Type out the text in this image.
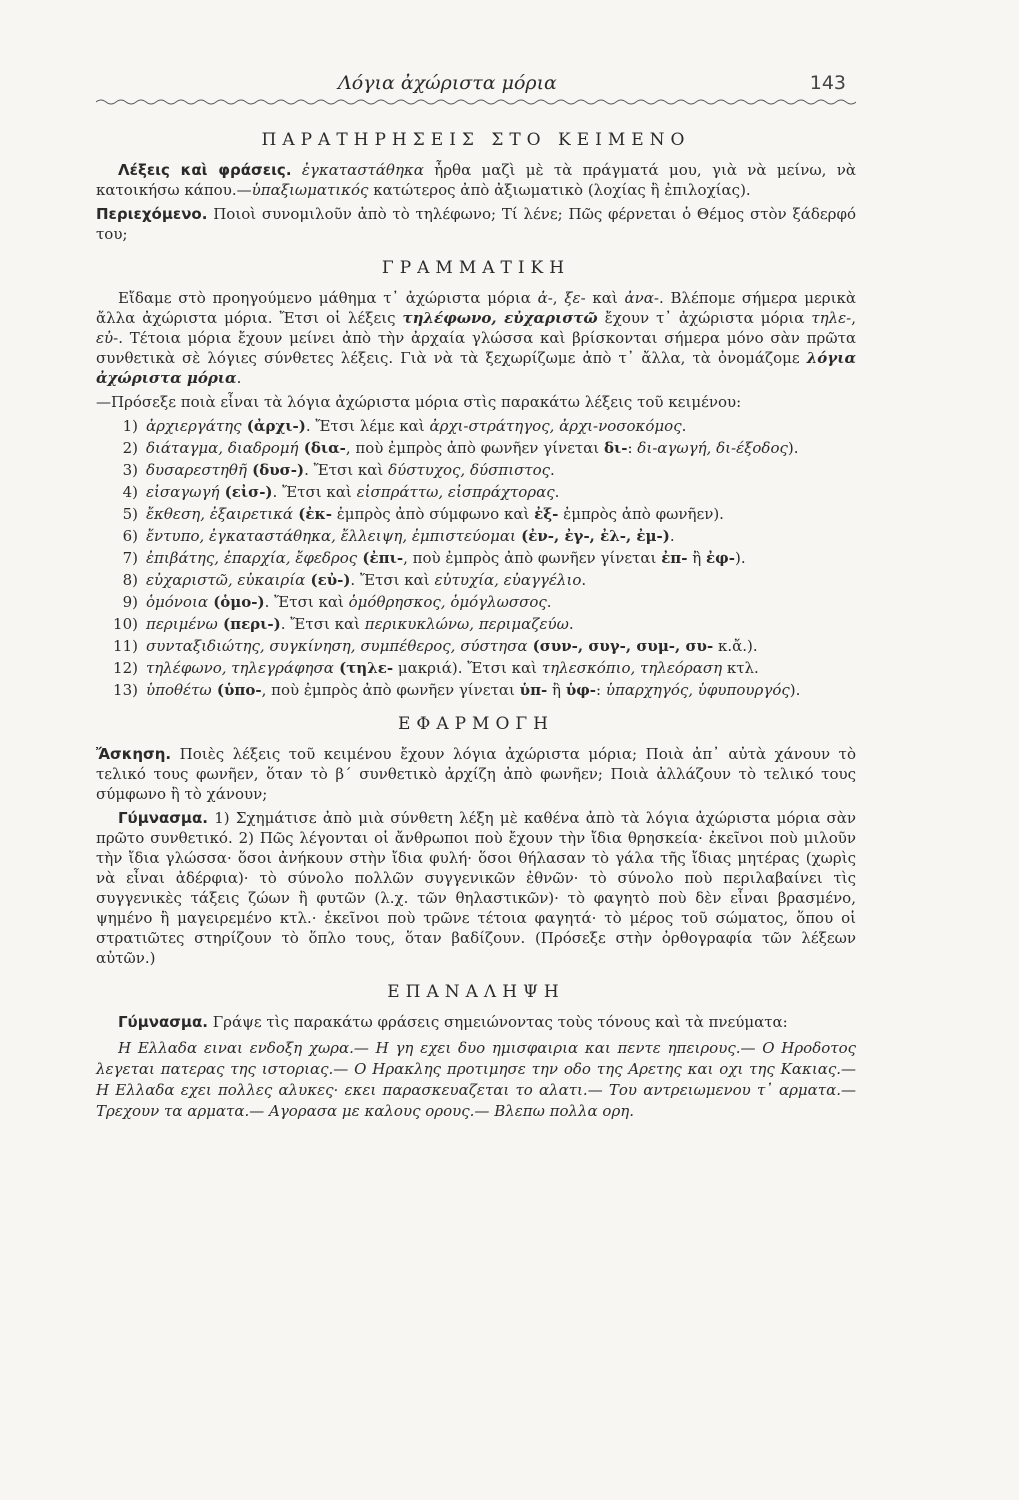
Λόγια ἀχώριστα μόρια	143
ΠΑΡΑΤΗΡΗΣΕΙΣ ΣΤΟ ΚΕΙΜΕΝΟ

Λέξεις καὶ φράσεις. ἐγκαταστάθηκα ἦρθα μαζὶ μὲ τὰ πράγματά μου, γιὰ νὰ μείνω, νὰ κατοικήσω κάπου.—ὑπαξιωματικός κατώτερος ἀπὸ ἀξιωματικὸ (λοχίας ἢ ἐπιλοχίας).

Περιεχόμενο. Ποιοὶ συνομιλοῦν ἀπὸ τὸ τηλέφωνο; Τί λένε; Πῶς φέρνεται ὁ Θέμος στὸν ξάδερφό του;

ΓΡΑΜΜΑΤΙΚΗ

Εἴδαμε στὸ προηγούμενο μάθημα τ᾿ ἀχώριστα μόρια ἀ-, ξε- καὶ ἀνα-. Βλέπομε σήμερα μερικὰ ἄλλα ἀχώριστα μόρια. Ἔτσι οἱ λέξεις τηλέφωνο, εὐχαριστῶ ἔχουν τ᾿ ἀχώριστα μόρια τηλε-, εὐ-. Τέτοια μόρια ἔχουν μείνει ἀπὸ τὴν ἀρχαία γλώσσα καὶ βρίσκονται σήμερα μόνο σὰν πρῶτα συνθετικὰ σὲ λόγιες σύνθετες λέξεις. Γιὰ νὰ τὰ ξεχωρίζωμε ἀπὸ τ᾿ ἄλλα, τὰ ὀνομάζομε λόγια ἀχώριστα μόρια.

—Πρόσεξε ποιὰ εἶναι τὰ λόγια ἀχώριστα μόρια στὶς παρακάτω λέξεις τοῦ κειμένου:

1) ἀρχιεργάτης (ἀρχι-). Ἔτσι λέμε καὶ ἀρχι-στράτηγος, ἀρχι-νοσοκόμος.
2) διάταγμα, διαδρομή (δια-, ποὺ ἐμπρὸς ἀπὸ φωνῆεν γίνεται δι-: δι-αγωγή, δι-έξοδος).
3) δυσαρεστηθῆ (δυσ-). Ἔτσι καὶ δύστυχος, δύσπιστος.
4) εἰσαγωγή (εἰσ-). Ἔτσι καὶ εἰσπράττω, εἰσπράχτορας.
5) ἔκθεση, ἐξαιρετικά (ἐκ- ἐμπρὸς ἀπὸ σύμφωνο καὶ ἐξ- ἐμπρὸς ἀπὸ φωνῆεν).
6) ἔντυπο, ἐγκαταστάθηκα, ἔλλειψη, ἐμπιστεύομαι (ἐν-, ἐγ-, ἐλ-, ἐμ-).
7) ἐπιβάτης, ἐπαρχία, ἔφεδρος (ἐπι-, ποὺ ἐμπρὸς ἀπὸ φωνῆεν γίνεται ἐπ- ἢ ἐφ-).
8) εὐχαριστῶ, εὐκαιρία (εὐ-). Ἔτσι καὶ εὐτυχία, εὐαγγέλιο.
9) ὁμόνοια (ὁμο-). Ἔτσι καὶ ὁμόθρησκος, ὁμόγλωσσος.
10) περιμένω (περι-). Ἔτσι καὶ περικυκλώνω, περιμαζεύω.
11) συνταξιδιώτης, συγκίνηση, συμπέθερος, σύστησα (συν-, συγ-, συμ-, συ- κ.ἄ.).
12) τηλέφωνο, τηλεγράφησα (τηλε- μακριά). Ἔτσι καὶ τηλεσκόπιο, τηλεόραση κτλ.
13) ὑποθέτω (ὑπο-, ποὺ ἐμπρὸς ἀπὸ φωνῆεν γίνεται ὑπ- ἢ ὑφ-: ὑπαρχηγός, ὑφυπουργός).
ΕΦΑΡΜΟΓΗ

Ἄσκηση. Ποιὲς λέξεις τοῦ κειμένου ἔχουν λόγια ἀχώριστα μόρια; Ποιὰ ἀπ᾿ αὐτὰ χάνουν τὸ τελικό τους φωνῆεν, ὅταν τὸ β΄ συνθετικὸ ἀρχίζη ἀπὸ φωνῆεν; Ποιὰ ἀλλάζουν τὸ τελικό τους σύμφωνο ἢ τὸ χάνουν;

Γύμνασμα. 1) Σχημάτισε ἀπὸ μιὰ σύνθετη λέξη μὲ καθένα ἀπὸ τὰ λόγια ἀχώριστα μόρια σὰν πρῶτο συνθετικό. 2) Πῶς λέγονται οἱ ἄνθρωποι ποὺ ἔχουν τὴν ἴδια θρησκεία· ἐκεῖνοι ποὺ μιλοῦν τὴν ἴδια γλώσσα· ὅσοι ἀνήκουν στὴν ἴδια φυλή· ὅσοι θήλασαν τὸ γάλα τῆς ἴδιας μητέρας (χωρὶς νὰ εἶναι ἀδέρφια)· τὸ σύνολο πολλῶν συγγενικῶν ἐθνῶν· τὸ σύνολο ποὺ περιλαβαίνει τὶς συγγενικὲς τάξεις ζώων ἢ φυτῶν (λ.χ. τῶν θηλαστικῶν)· τὸ φαγητὸ ποὺ δὲν εἶναι βρασμένο, ψημένο ἢ μαγειρεμένο κτλ.· ἐκεῖνοι ποὺ τρῶνε τέτοια φαγητά· τὸ μέρος τοῦ σώματος, ὅπου οἱ στρατιῶτες στηρίζουν τὸ ὅπλο τους, ὅταν βαδίζουν. (Πρόσεξε στὴν ὀρθογραφία τῶν λέξεων αὐτῶν.)

ΕΠΑΝΑΛΗΨΗ

Γύμνασμα. Γράψε τὶς παρακάτω φράσεις σημειώνοντας τοὺς τόνους καὶ τὰ πνεύματα:

Η Ελλαδα ειναι ενδοξη χωρα.— Η γη εχει δυο ημισφαιρια και πεντε ηπειρους.— Ο Ηροδοτος λεγεται πατερας της ιστοριας.— Ο Ηρακλης προτιμησε την οδο της Αρετης και οχι της Κακιας.— Η Ελλαδα εχει πολλες αλυκες· εκει παρασκευαζεται το αλατι.— Του αντρειωμενου τ᾿ αρματα.— Τρεχουν τα αρματα.— Αγορασα με καλους ορους.— Βλεπω πολλα ορη.
